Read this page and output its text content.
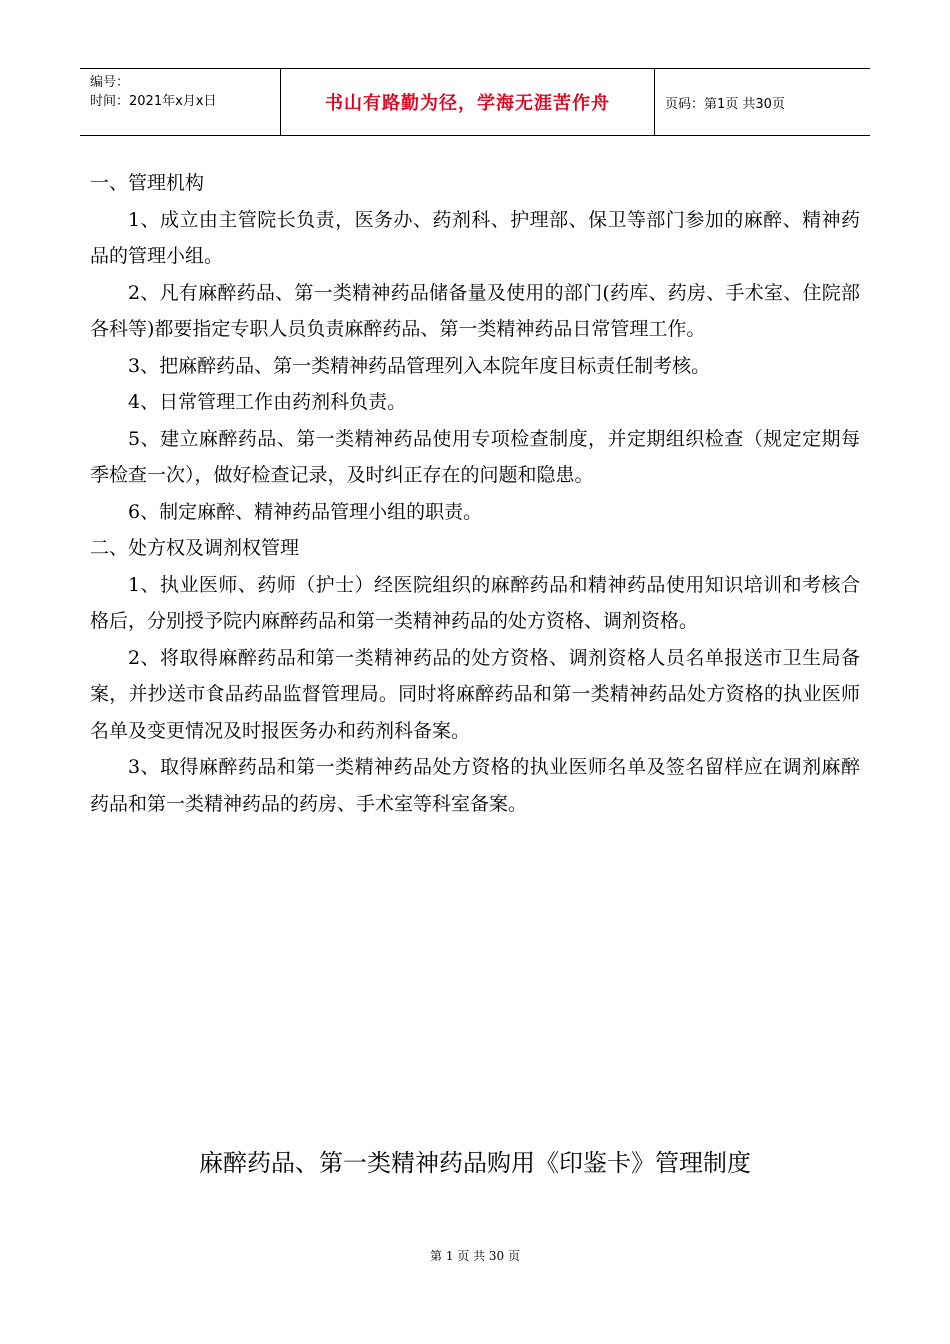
编号：
时间：2021年x月x日	书山有路勤为径，学海无涯苦作舟	页码：第1页 共30页

一、管理机构

1、成立由主管院长负责，医务办、药剂科、护理部、保卫等部门参加的麻醉、精神药品的管理小组。

2、凡有麻醉药品、第一类精神药品储备量及使用的部门(药库、药房、手术室、住院部各科等)都要指定专职人员负责麻醉药品、第一类精神药品日常管理工作。

3、把麻醉药品、第一类精神药品管理列入本院年度目标责任制考核。

4、日常管理工作由药剂科负责。

5、建立麻醉药品、第一类精神药品使用专项检查制度，并定期组织检查（规定定期每季检查一次），做好检查记录，及时纠正存在的问题和隐患。

6、制定麻醉、精神药品管理小组的职责。

二、处方权及调剂权管理

1、执业医师、药师（护士）经医院组织的麻醉药品和精神药品使用知识培训和考核合格后，分别授予院内麻醉药品和第一类精神药品的处方资格、调剂资格。

2、将取得麻醉药品和第一类精神药品的处方资格、调剂资格人员名单报送市卫生局备案，并抄送市食品药品监督管理局。同时将麻醉药品和第一类精神药品处方资格的执业医师名单及变更情况及时报医务办和药剂科备案。

3、取得麻醉药品和第一类精神药品处方资格的执业医师名单及签名留样应在调剂麻醉药品和第一类精神药品的药房、手术室等科室备案。

麻醉药品、第一类精神药品购用《印鉴卡》管理制度
第 1 页 共 30 页
